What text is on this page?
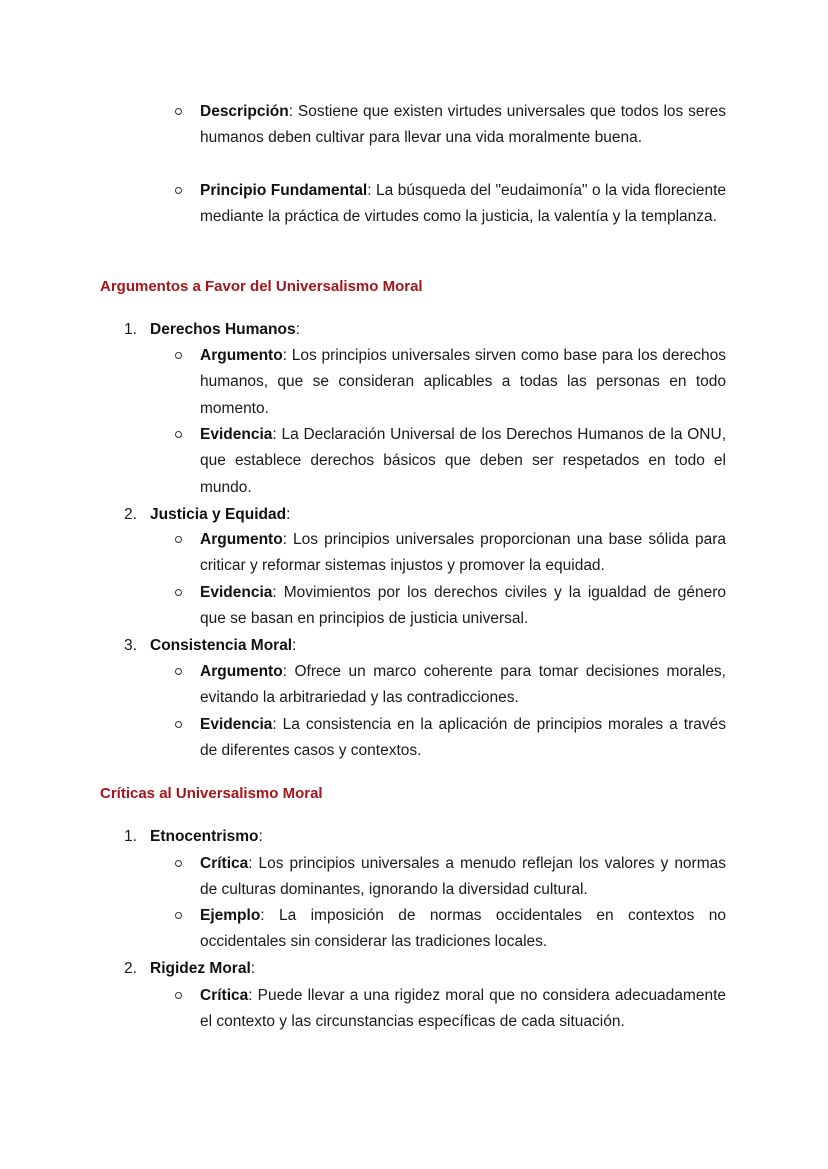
Descripción: Sostiene que existen virtudes universales que todos los seres humanos deben cultivar para llevar una vida moralmente buena.
Principio Fundamental: La búsqueda del "eudaimonía" o la vida floreciente mediante la práctica de virtudes como la justicia, la valentía y la templanza.
Argumentos a Favor del Universalismo Moral
1. Derechos Humanos:
Argumento: Los principios universales sirven como base para los derechos humanos, que se consideran aplicables a todas las personas en todo momento.
Evidencia: La Declaración Universal de los Derechos Humanos de la ONU, que establece derechos básicos que deben ser respetados en todo el mundo.
2. Justicia y Equidad:
Argumento: Los principios universales proporcionan una base sólida para criticar y reformar sistemas injustos y promover la equidad.
Evidencia: Movimientos por los derechos civiles y la igualdad de género que se basan en principios de justicia universal.
3. Consistencia Moral:
Argumento: Ofrece un marco coherente para tomar decisiones morales, evitando la arbitrariedad y las contradicciones.
Evidencia: La consistencia en la aplicación de principios morales a través de diferentes casos y contextos.
Críticas al Universalismo Moral
1. Etnocentrismo:
Crítica: Los principios universales a menudo reflejan los valores y normas de culturas dominantes, ignorando la diversidad cultural.
Ejemplo: La imposición de normas occidentales en contextos no occidentales sin considerar las tradiciones locales.
2. Rigidez Moral:
Crítica: Puede llevar a una rigidez moral que no considera adecuadamente el contexto y las circunstancias específicas de cada situación.
